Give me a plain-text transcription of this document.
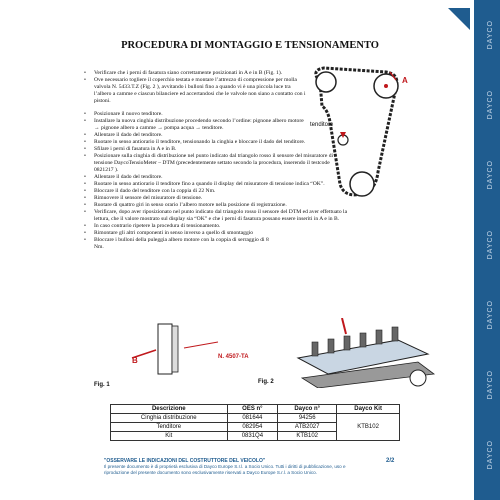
DAYCO
DAYCO
DAYCO
DAYCO
DAYCO
DAYCO
DAYCO
PROCEDURA DI MONTAGGIO E TENSIONAMENTO
• Verificare che i perni di fasatura siano correttamente posizionati in A e in B (Fig. 1).
• Ove necessario togliere il coperchio testata e montare l’attrezzo di compressione per molla valvola N. 5433.T.Z (Fig. 2 ), avvitando i bulloni fino a quando vi è una piccola luce tra l’albero a camme e ciascun bilanciere ed accertandosi che le valvole non siano a contatto con i pistoni.
• Posizionare il nuovo tenditore.
• Installare la nuova cinghia distribuzione procedendo secondo l’ordine: pignone albero motore → pignone albero a camme → pompa acqua → tenditore.
• Allentare il dado del tenditore.
• Ruotare in senso antiorario il tenditore, tensionando la cinghia e bloccare il dado del tenditore.
• Sfilare i perni di fasatura in A e in B.
• Posizionare sulla cinghia di distribuzione nel punto indicato dal triangolo rosso il sensore del misuratore di tensione DaycoTensioMeter – DTM (precedentemente settato secondo la procedura, inserendo il testcode 0821217 ).
• Allentare il dado del tenditore.
• Ruotare in senso antiorario il tenditore fino a quando il display del misuratore di tensione indica “OK”.
• Bloccare il dado del tenditore con la coppia di 22 Nm.
• Rimuovere il sensore del misuratore di tensione.
• Ruotare di quattro giri in senso orario l’albero motore nella posizione di registrazione.
• Verificare, dopo aver riposizionato nel punto indicato dal triangolo rosso il sensore del DTM ed aver effettuato la lettura, che il valore mostrato sul display sia “OK” e che i perni di fasatura possano essere inseriti in A e in B.
• In caso contrario ripetere la procedura di tensionamento.
• Rimontare gli altri componenti in senso inverso a quello di smontaggio
• Bloccare i bulloni della puleggia albero motore con la coppia di serraggio di 8 Nm.
A
tenditore
B	N. 4507-TA
Fig. 1	Fig. 2
Descrizione	OES n°	Dayco n°	Dayco Kit
Cinghia distribuzione	081644	94256	KTB102
Tenditore	082954	ATB2027	
Kit	0831Q4	KTB102	
"OSSERVARE LE INDICAZIONI DEL COSTRUTTORE DEL VEICOLO"
Il presente documento è di proprietà esclusiva di Dayco Europe S.r.l. a Socio Unico. Tutti i diritti di pubblicazione, uso e
riproduzione del presente documento sono esclusivamente riservati a Dayco Europe S.r.l. a Socio Unico.
2/2
